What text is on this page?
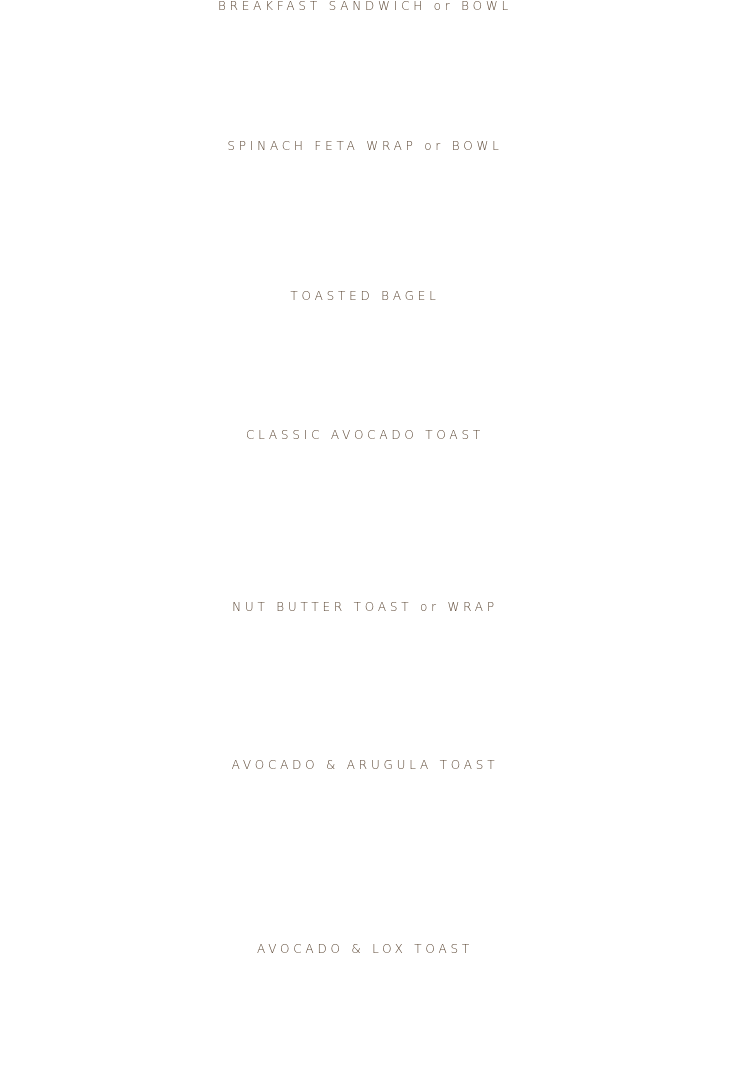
BREAKFAST SANDWICH or BOWL
SPINACH FETA WRAP or BOWL
TOASTED BAGEL
CLASSIC AVOCADO TOAST
NUT BUTTER TOAST or WRAP
AVOCADO & ARUGULA TOAST
AVOCADO & LOX TOAST
